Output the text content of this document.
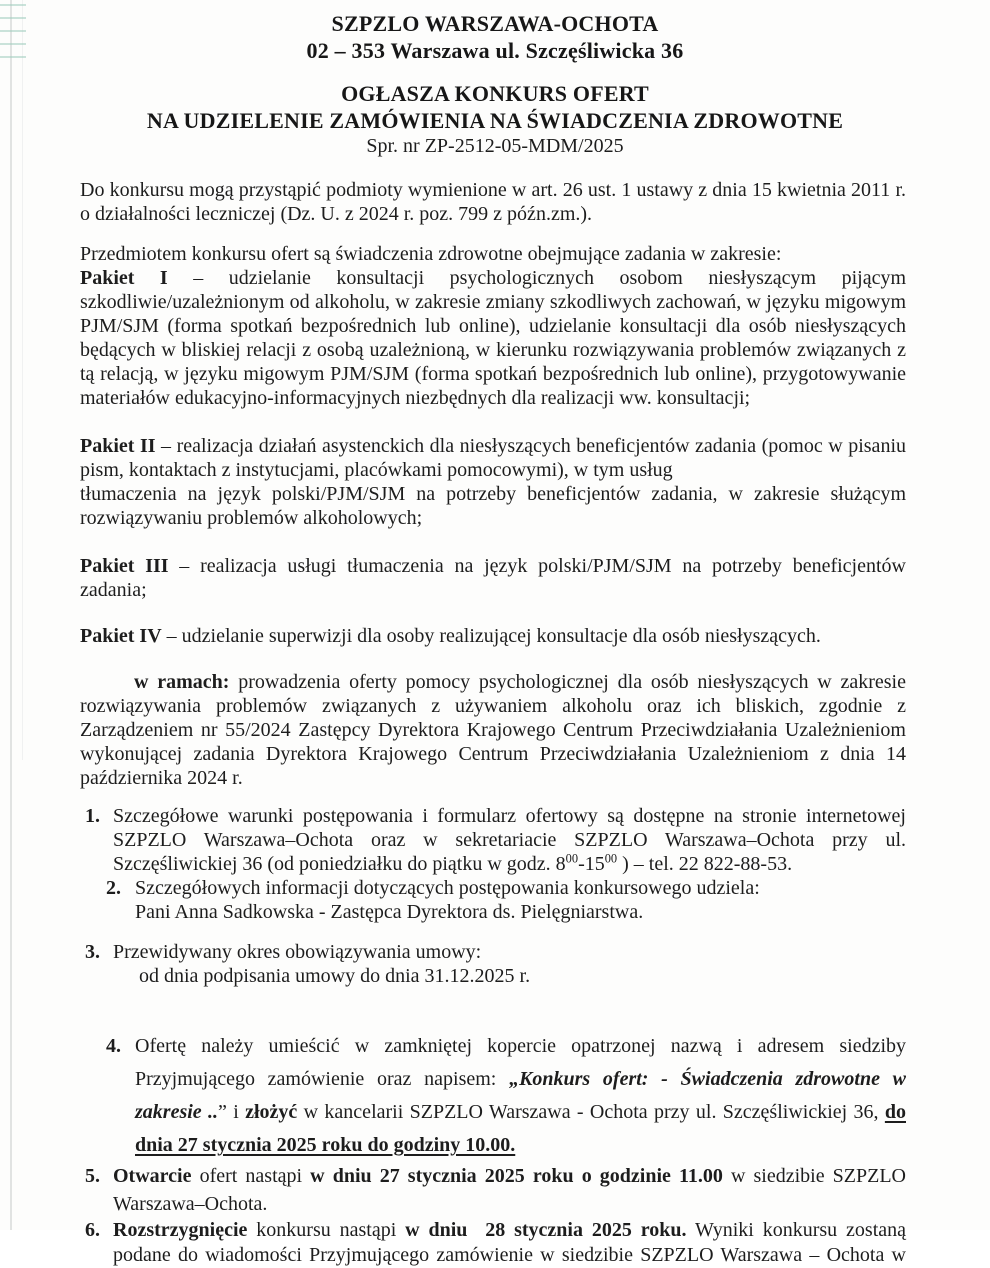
SZPZLO WARSZAWA-OCHOTA
02 – 353 Warszawa ul. Szczęśliwicka 36
OGŁASZA KONKURS OFERT
NA UDZIELENIE ZAMÓWIENIA NA ŚWIADCZENIA ZDROWOTNE
Spr. nr ZP-2512-05-MDM/2025

Do konkursu mogą przystąpić podmioty wymienione w art. 26 ust. 1 ustawy z dnia 15 kwietnia 2011 r. o działalności leczniczej (Dz. U. z 2024 r. poz. 799 z późn.zm.).

Przedmiotem konkursu ofert są świadczenia zdrowotne obejmujące zadania w zakresie:

Pakiet I – udzielanie konsultacji psychologicznych osobom niesłyszącym pijącym szkodliwie/uzależnionym od alkoholu, w zakresie zmiany szkodliwych zachowań, w języku migowym PJM/SJM (forma spotkań bezpośrednich lub online), udzielanie konsultacji dla osób niesłyszących będących w bliskiej relacji z osobą uzależnioną, w kierunku rozwiązywania problemów związanych z tą relacją, w języku migowym PJM/SJM (forma spotkań bezpośrednich lub online), przygotowywanie materiałów edukacyjno-informacyjnych niezbędnych dla realizacji ww. konsultacji;

Pakiet II – realizacja działań asystenckich dla niesłyszących beneficjentów zadania (pomoc w pisaniu pism, kontaktach z instytucjami, placówkami pomocowymi), w tym usług
tłumaczenia na język polski/PJM/SJM na potrzeby beneficjentów zadania, w zakresie służącym rozwiązywaniu problemów alkoholowych;

Pakiet III – realizacja usługi tłumaczenia na język polski/PJM/SJM na potrzeby beneficjentów zadania;

Pakiet IV – udzielanie superwizji dla osoby realizującej konsultacje dla osób niesłyszących.

w ramach: prowadzenia oferty pomocy psychologicznej dla osób niesłyszących w zakresie rozwiązywania problemów związanych z używaniem alkoholu oraz ich bliskich, zgodnie z Zarządzeniem nr 55/2024 Zastępcy Dyrektora Krajowego Centrum Przeciwdziałania Uzależnieniom wykonującej zadania Dyrektora Krajowego Centrum Przeciwdziałania Uzależnieniom z dnia 14 października 2024 r.

1. Szczegółowe warunki postępowania i formularz ofertowy są dostępne na stronie internetowej SZPZLO Warszawa–Ochota oraz w sekretariacie SZPZLO Warszawa–Ochota przy ul. Szczęśliwickiej 36 (od poniedziałku do piątku w godz. $8^{00}-15^{00}$ ) – tel. 22 822-88-53.
2. Szczegółowych informacji dotyczących postępowania konkursowego udziela:
Pani Anna Sadkowska - Zastępca Dyrektora ds. Pielęgniarstwa.
3. Przewidywany okres obowiązywania umowy:
od dnia podpisania umowy do dnia 31.12.2025 r.
4. Ofertę należy umieścić w zamkniętej kopercie opatrzonej nazwą i adresem siedziby Przyjmującego zamówienie oraz napisem: „Konkurs ofert: - Świadczenia zdrowotne w zakresie ..” i złożyć w kancelarii SZPZLO Warszawa - Ochota przy ul. Szczęśliwickiej 36, do dnia 27 stycznia 2025 roku do godziny 10.00.
5. Otwarcie ofert nastąpi w dniu 27 stycznia 2025 roku o godzinie 11.00 w siedzibie SZPZLO Warszawa–Ochota.
6. Rozstrzygnięcie konkursu nastąpi w dniu  28 stycznia 2025 roku. Wyniki konkursu zostaną podane do wiadomości Przyjmującego zamówienie w siedzibie SZPZLO Warszawa – Ochota w
